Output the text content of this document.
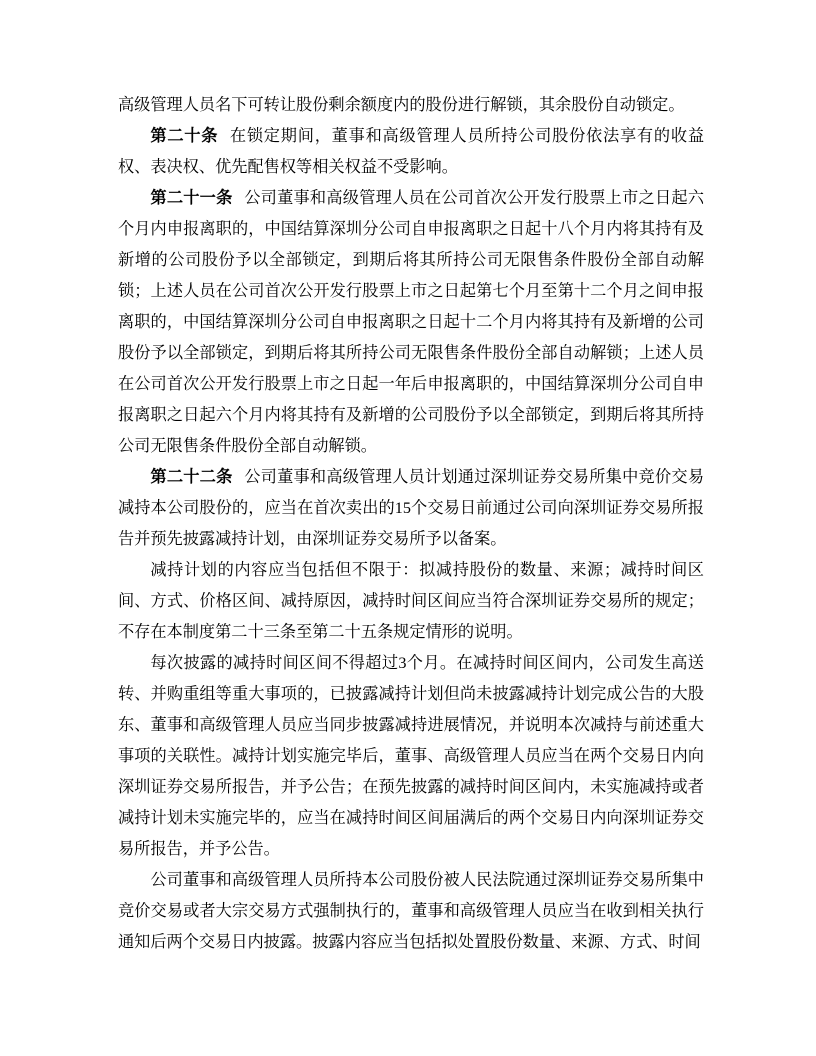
高级管理人员名下可转让股份剩余额度内的股份进行解锁，其余股份自动锁定。

第二十条 在锁定期间，董事和高级管理人员所持公司股份依法享有的收益权、表决权、优先配售权等相关权益不受影响。

第二十一条 公司董事和高级管理人员在公司首次公开发行股票上市之日起六个月内申报离职的，中国结算深圳分公司自申报离职之日起十八个月内将其持有及新增的公司股份予以全部锁定，到期后将其所持公司无限售条件股份全部自动解锁；上述人员在公司首次公开发行股票上市之日起第七个月至第十二个月之间申报离职的，中国结算深圳分公司自申报离职之日起十二个月内将其持有及新增的公司股份予以全部锁定，到期后将其所持公司无限售条件股份全部自动解锁；上述人员在公司首次公开发行股票上市之日起一年后申报离职的，中国结算深圳分公司自申报离职之日起六个月内将其持有及新增的公司股份予以全部锁定，到期后将其所持公司无限售条件股份全部自动解锁。

第二十二条 公司董事和高级管理人员计划通过深圳证券交易所集中竞价交易减持本公司股份的，应当在首次卖出的15个交易日前通过公司向深圳证券交易所报告并预先披露减持计划，由深圳证券交易所予以备案。

减持计划的内容应当包括但不限于：拟减持股份的数量、来源；减持时间区间、方式、价格区间、减持原因，减持时间区间应当符合深圳证券交易所的规定；不存在本制度第二十三条至第二十五条规定情形的说明。

每次披露的减持时间区间不得超过3个月。在减持时间区间内，公司发生高送转、并购重组等重大事项的，已披露减持计划但尚未披露减持计划完成公告的大股东、董事和高级管理人员应当同步披露减持进展情况，并说明本次减持与前述重大事项的关联性。减持计划实施完毕后，董事、高级管理人员应当在两个交易日内向深圳证券交易所报告，并予公告；在预先披露的减持时间区间内，未实施减持或者减持计划未实施完毕的，应当在减持时间区间届满后的两个交易日内向深圳证券交易所报告，并予公告。

公司董事和高级管理人员所持本公司股份被人民法院通过深圳证券交易所集中竞价交易或者大宗交易方式强制执行的，董事和高级管理人员应当在收到相关执行通知后两个交易日内披露。披露内容应当包括拟处置股份数量、来源、方式、时间
